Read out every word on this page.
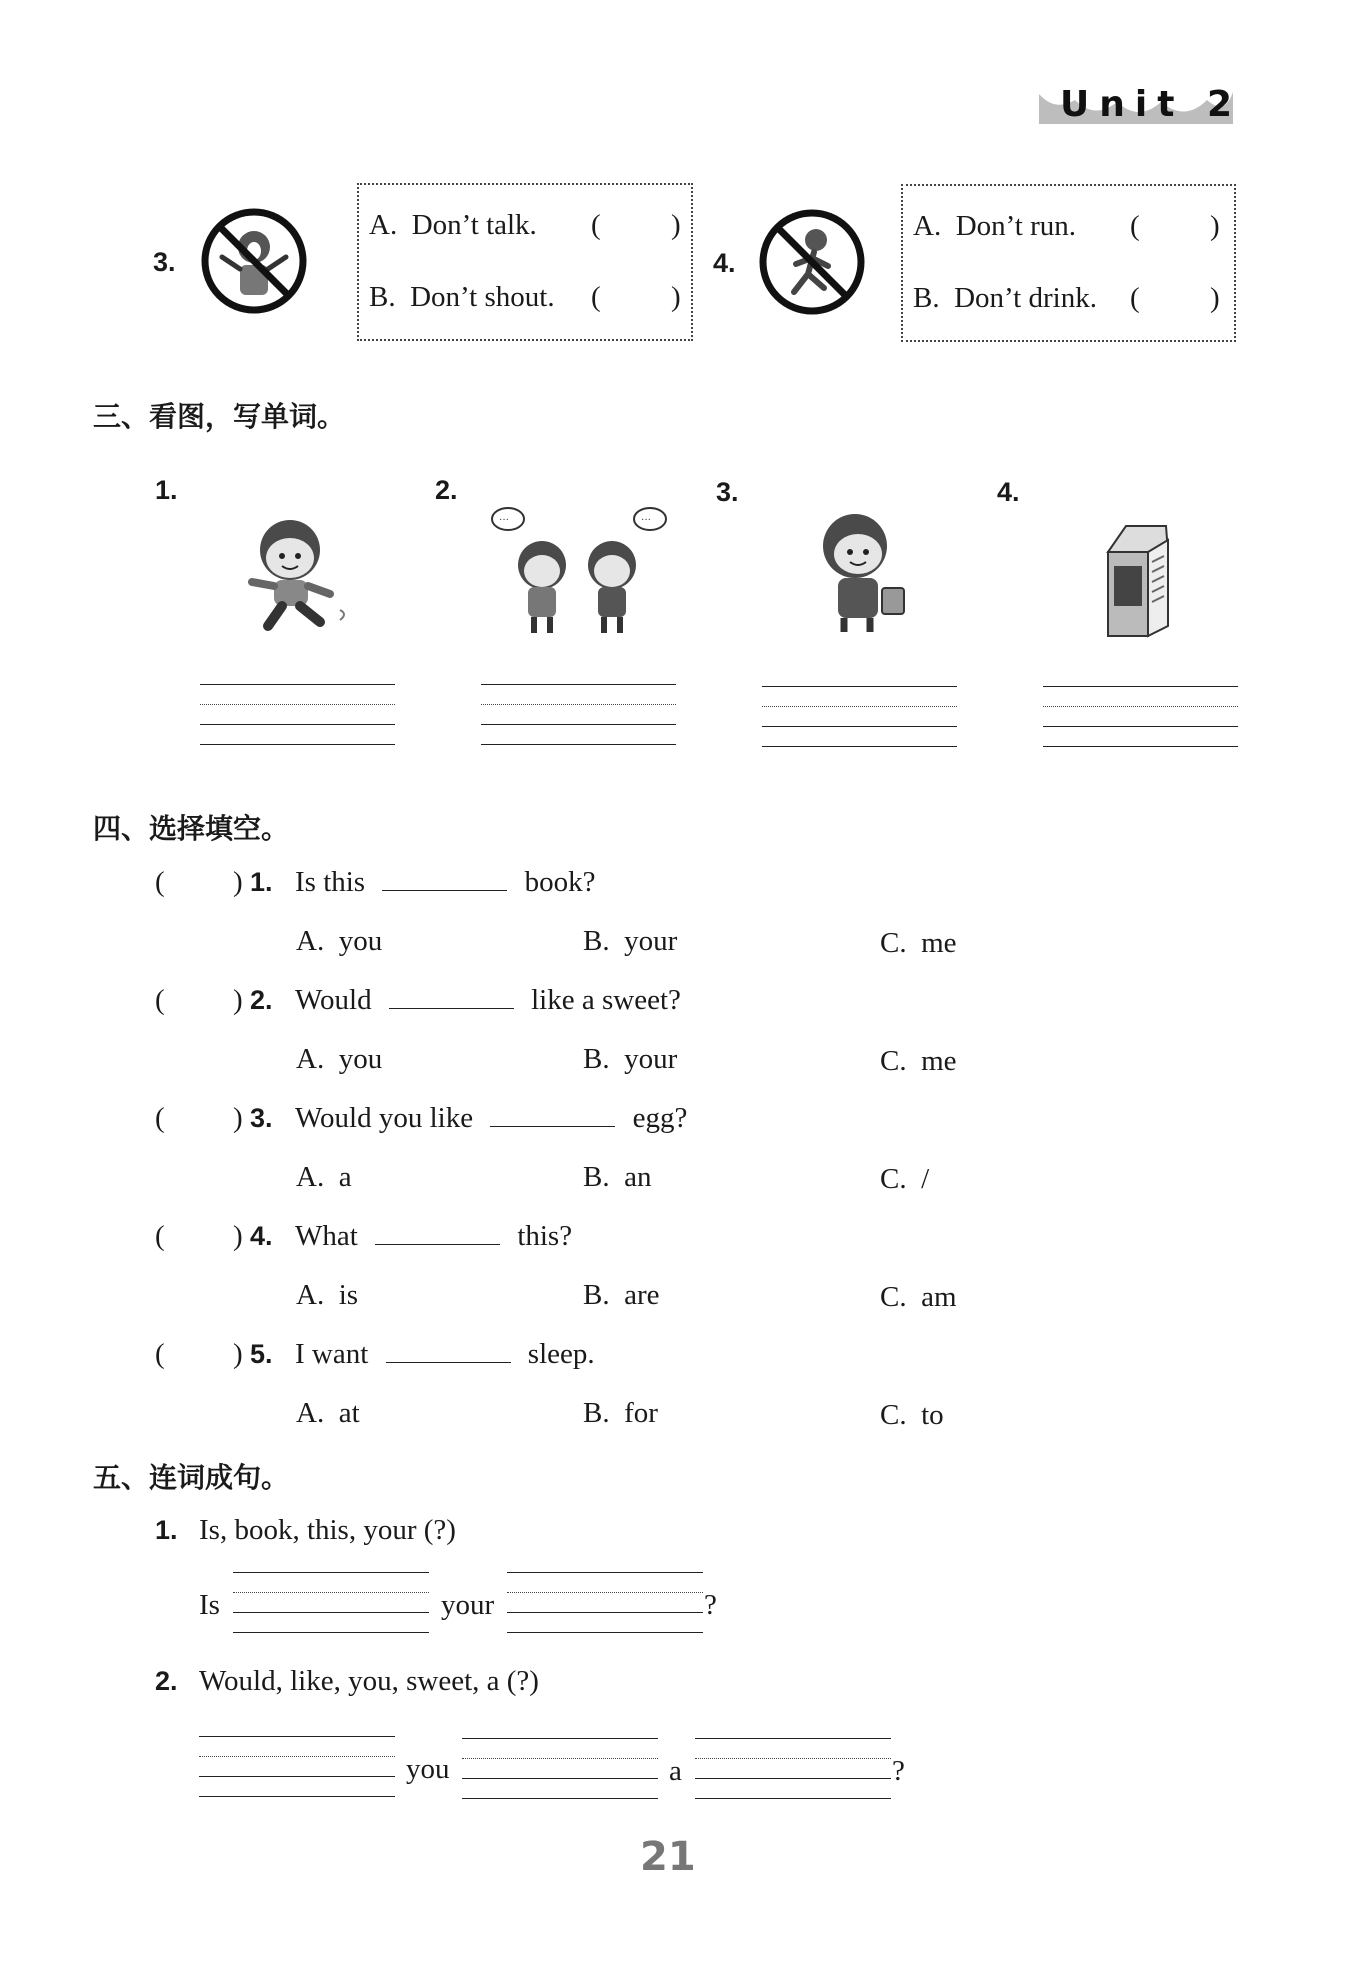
Unit 2
3.
A.  Don’t talk. ( )
B.  Don’t shout. ( )
4.
A.  Don’t run. ( )
B.  Don’t drink. ( )
三、看图，写单词。
1.	2.	3.	4.
···	···
四、选择填空。
( ) 1. Is this	book?
A.  you	B.  your	C.  me
( ) 2. Would	like a sweet?
A.  you	B.  your	C.  me
( ) 3. Would you like	egg?
A.  a	B.  an	C.  /
( ) 4. What	this?
A.  is	B.  are	C.  am
( ) 5. I want	sleep.
A.  at	B.  for	C.  to
五、连词成句。
1. Is, book, this, your (?)
Is	your	?
2. Would, like, you, sweet, a (?)
you	a	?
21
